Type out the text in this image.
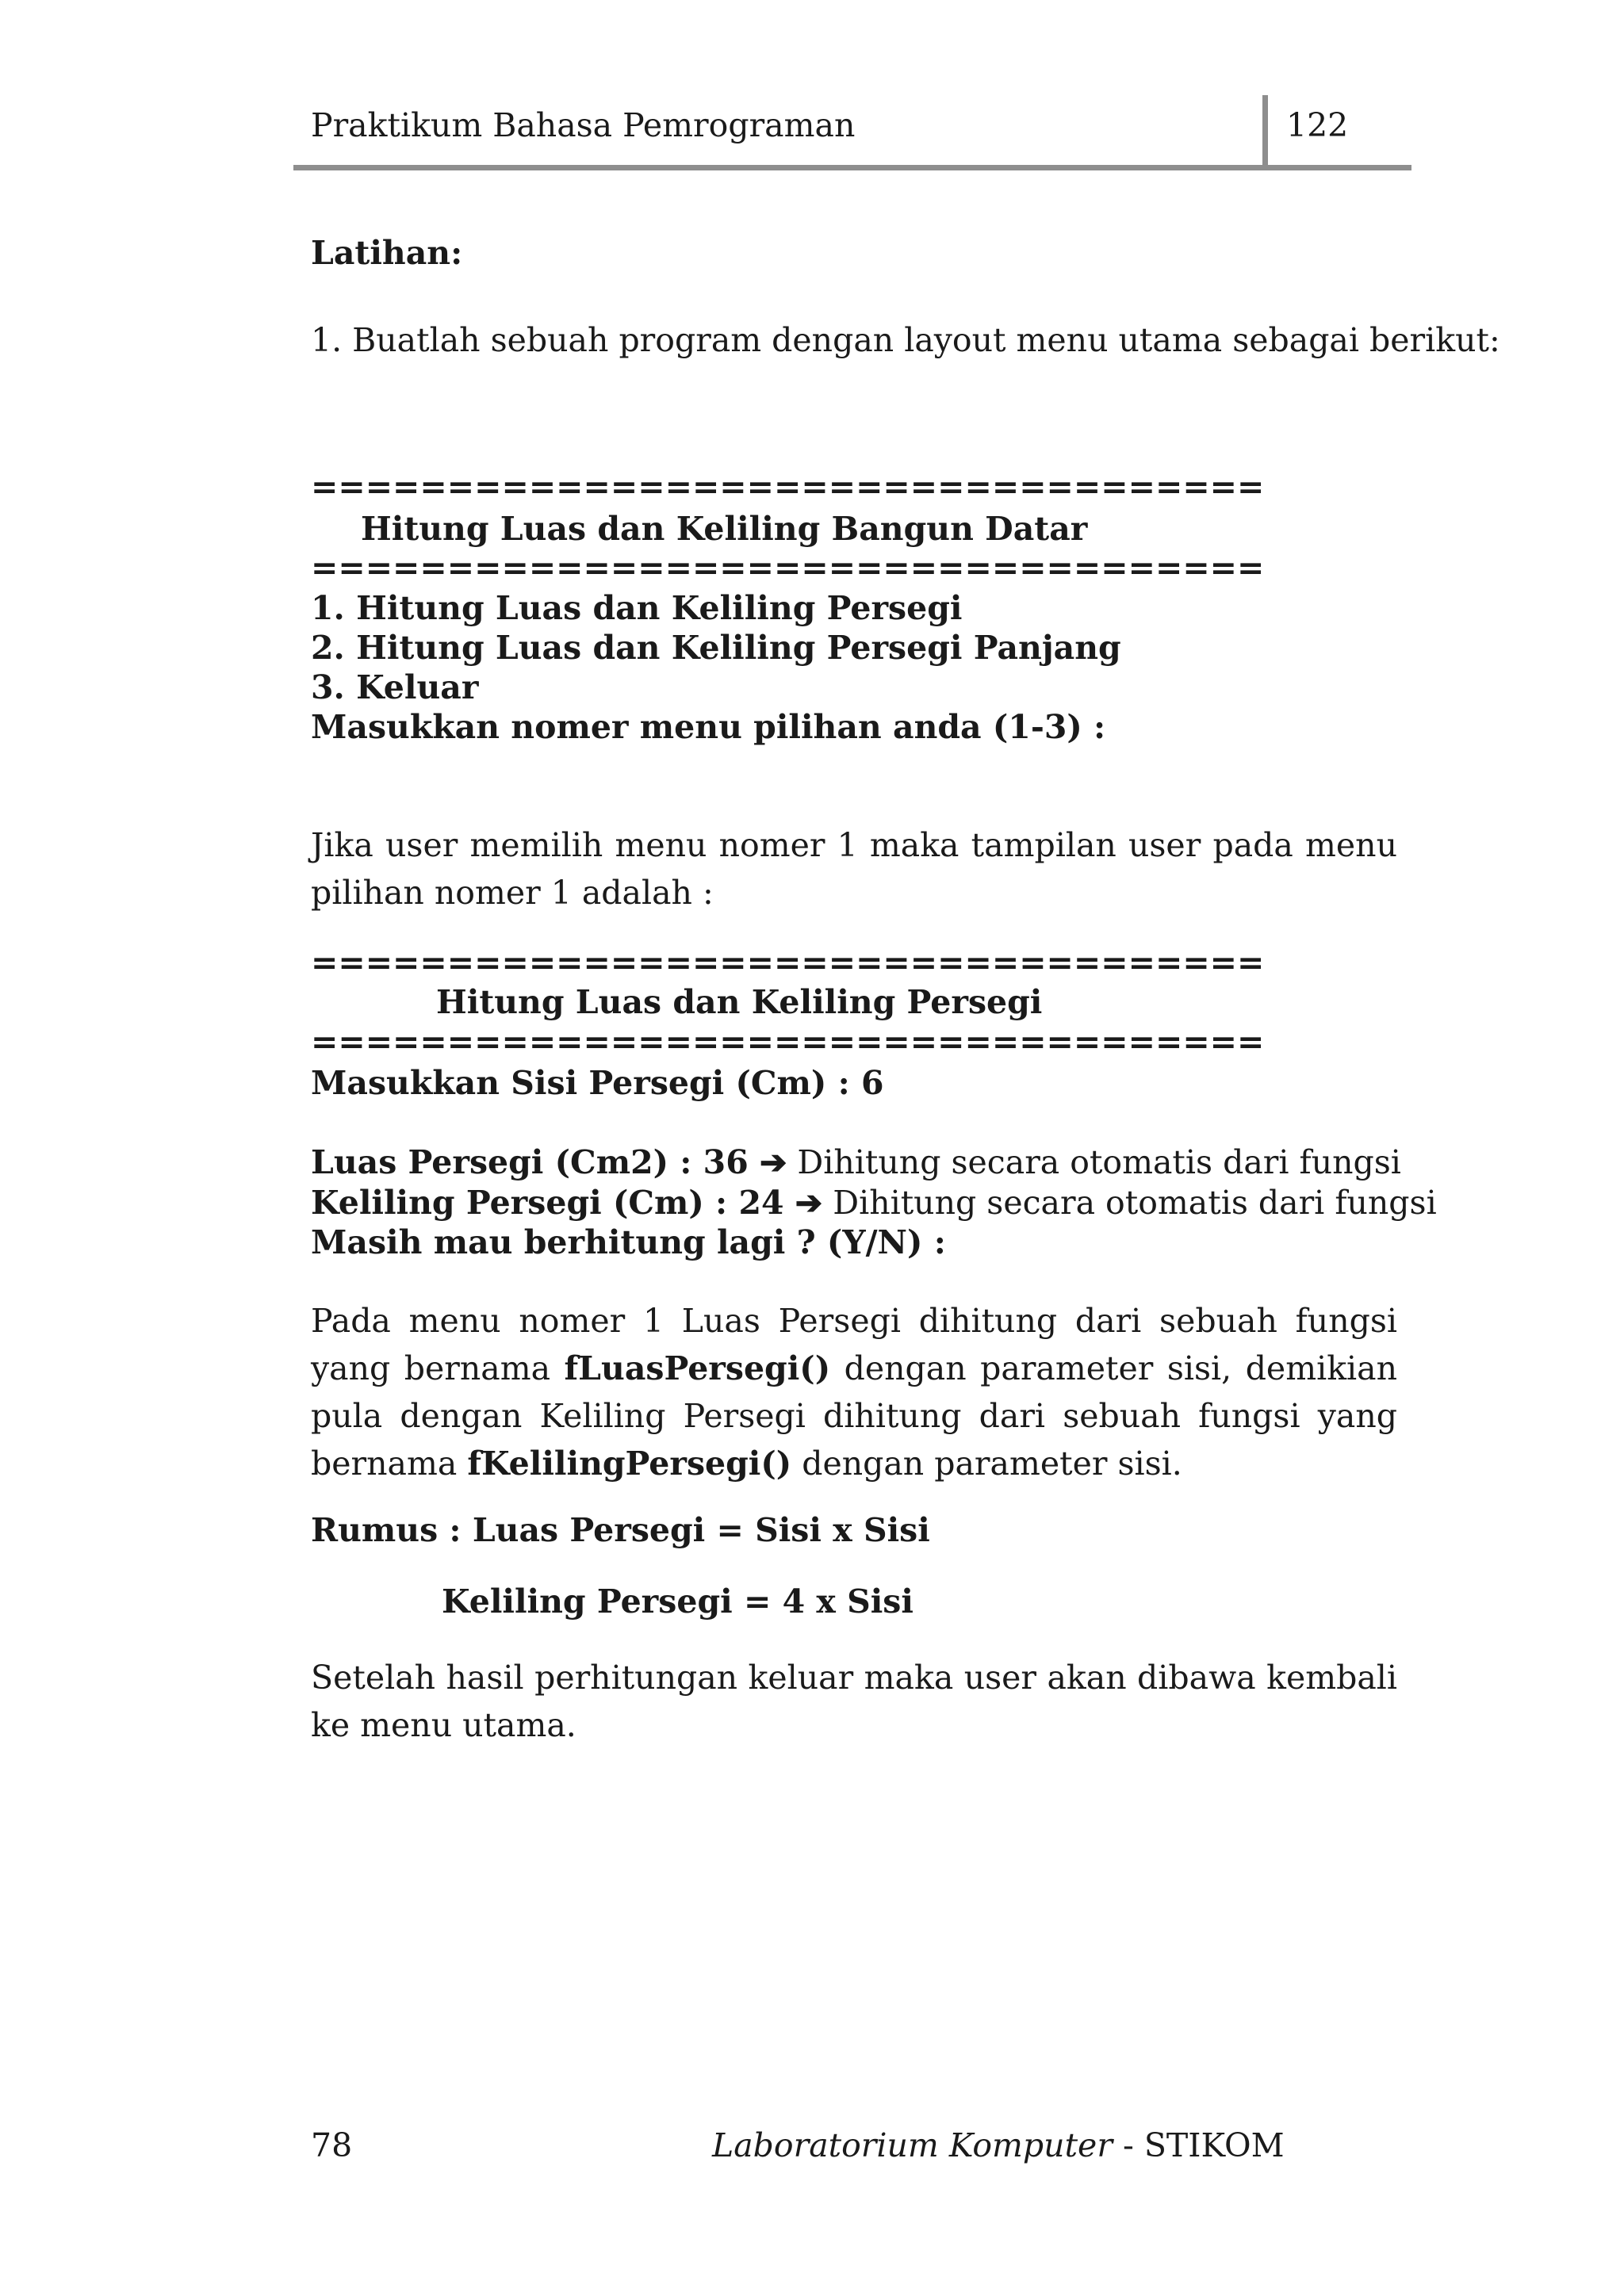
Praktikum Bahasa Pemrograman	122
Latihan:
1. Buatlah sebuah program dengan layout menu utama sebagai berikut:
===================================
Hitung Luas dan Keliling Bangun Datar
===================================
1. Hitung Luas dan Keliling Persegi
2. Hitung Luas dan Keliling Persegi Panjang
3. Keluar
Masukkan nomer menu pilihan anda (1-3) :
Jika user memilih menu nomer 1 maka tampilan user pada menu pilihan nomer 1 adalah :
===================================
Hitung Luas dan Keliling Persegi
===================================
Masukkan Sisi Persegi (Cm) : 6
Luas Persegi (Cm2) : 36 ➔ Dihitung secara otomatis dari fungsi
Keliling Persegi (Cm) : 24 ➔ Dihitung secara otomatis dari fungsi
Masih mau berhitung lagi ? (Y/N) :
Pada menu nomer 1 Luas Persegi dihitung dari sebuah fungsi yang bernama fLuasPersegi() dengan parameter sisi, demikian pula dengan Keliling Persegi dihitung dari sebuah fungsi yang bernama fKelilingPersegi() dengan parameter sisi.
Rumus : Luas Persegi = Sisi x Sisi
Keliling Persegi = 4 x Sisi
Setelah hasil perhitungan keluar maka user akan dibawa kembali ke menu utama.
78	Laboratorium Komputer - STIKOM
